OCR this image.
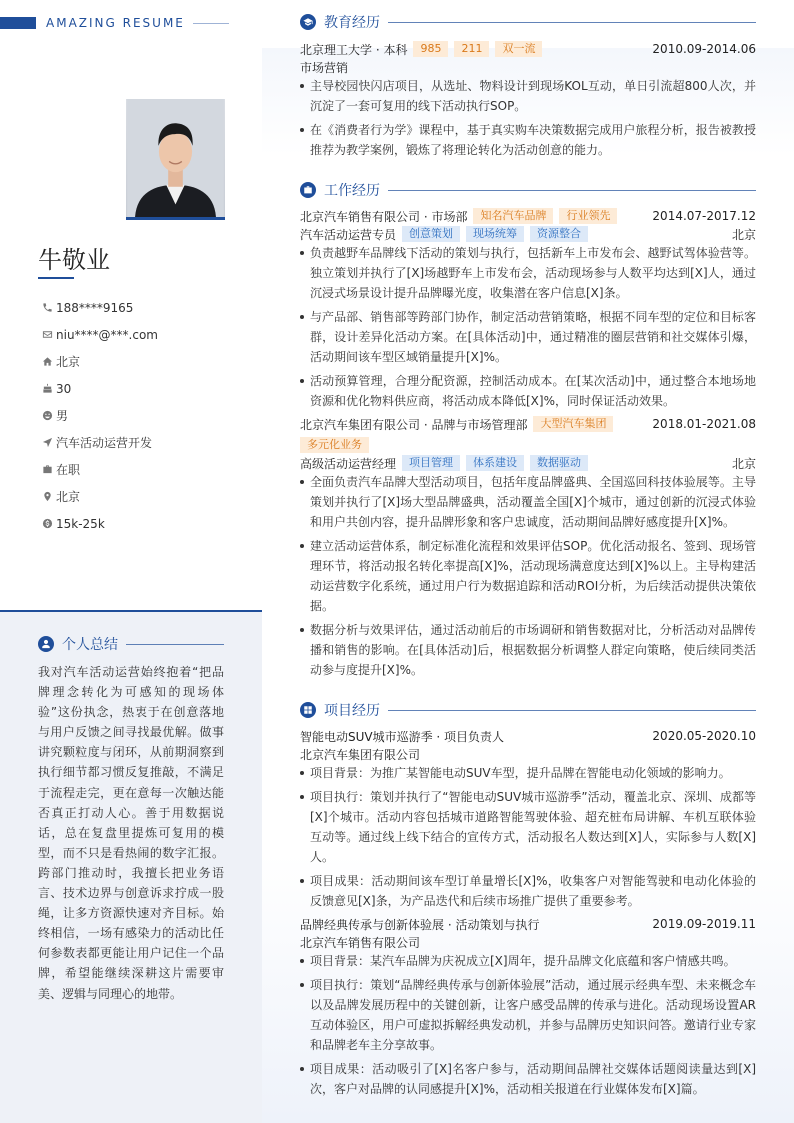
AMAZING RESUME
牛敬业
188****9165
niu****@***.com
北京
30
男
汽车活动运营开发
在职
北京
15k-25k
个人总结
我对汽车活动运营始终抱着“把品牌理念转化为可感知的现场体验”这份执念，热衷于在创意落地与用户反馈之间寻找最优解。做事讲究颗粒度与闭环，从前期洞察到执行细节都习惯反复推敲，不满足于流程走完，更在意每一次触达能否真正打动人心。善于用数据说话，总在复盘里提炼可复用的模型，而不只是看热闹的数字汇报。跨部门推动时，我擅长把业务语言、技术边界与创意诉求拧成一股绳，让多方资源快速对齐目标。始终相信，一场有感染力的活动比任何参数表都更能让用户记住一个品牌，希望能继续深耕这片需要审美、逻辑与同理心的地带。
教育经历
北京理工大学 · 本科	985	211	双一流	2010.09-2014.06
市场营销
主导校园快闪店项目，从选址、物料设计到现场KOL互动，单日引流超800人次，并沉淀了一套可复用的线下活动执行SOP。
在《消费者行为学》课程中，基于真实购车决策数据完成用户旅程分析，报告被教授推荐为教学案例，锻炼了将理论转化为活动创意的能力。
工作经历
北京汽车销售有限公司 · 市场部	知名汽车品牌	行业领先	2014.07-2017.12
汽车活动运营专员	创意策划	现场统筹	资源整合	北京
负责越野车品牌线下活动的策划与执行，包括新车上市发布会、越野试驾体验营等。独立策划并执行了[X]场越野车上市发布会，活动现场参与人数平均达到[X]人，通过沉浸式场景设计提升品牌曝光度，收集潜在客户信息[X]条。
与产品部、销售部等跨部门协作，制定活动营销策略，根据不同车型的定位和目标客群，设计差异化活动方案。在[具体活动]中，通过精准的圈层营销和社交媒体引爆，活动期间该车型区域销量提升[X]%。
活动预算管理，合理分配资源，控制活动成本。在[某次活动]中，通过整合本地场地资源和优化物料供应商，将活动成本降低[X]%，同时保证活动效果。
北京汽车集团有限公司 · 品牌与市场管理部	大型汽车集团	2018.01-2021.08
多元化业务
高级活动运营经理	项目管理	体系建设	数据驱动	北京
全面负责汽车品牌大型活动项目，包括年度品牌盛典、全国巡回科技体验展等。主导策划并执行了[X]场大型品牌盛典，活动覆盖全国[X]个城市，通过创新的沉浸式体验和用户共创内容，提升品牌形象和客户忠诚度，活动期间品牌好感度提升[X]%。
建立活动运营体系，制定标准化流程和效果评估SOP。优化活动报名、签到、现场管理环节，将活动报名转化率提高[X]%，活动现场满意度达到[X]%以上。主导构建活动运营数字化系统，通过用户行为数据追踪和活动ROI分析，为后续活动提供决策依据。
数据分析与效果评估，通过活动前后的市场调研和销售数据对比，分析活动对品牌传播和销售的影响。在[具体活动]后，根据数据分析调整人群定向策略，使后续同类活动参与度提升[X]%。
项目经历
智能电动SUV城市巡游季 · 项目负责人	2020.05-2020.10
北京汽车集团有限公司
项目背景：为推广某智能电动SUV车型，提升品牌在智能电动化领域的影响力。
项目执行：策划并执行了“智能电动SUV城市巡游季”活动，覆盖北京、深圳、成都等[X]个城市。活动内容包括城市道路智能驾驶体验、超充桩布局讲解、车机互联体验互动等。通过线上线下结合的宣传方式，活动报名人数达到[X]人，实际参与人数[X]人。
项目成果：活动期间该车型订单量增长[X]%，收集客户对智能驾驶和电动化体验的反馈意见[X]条，为产品迭代和后续市场推广提供了重要参考。
品牌经典传承与创新体验展 · 活动策划与执行	2019.09-2019.11
北京汽车销售有限公司
项目背景：某汽车品牌为庆祝成立[X]周年，提升品牌文化底蕴和客户情感共鸣。
项目执行：策划“品牌经典传承与创新体验展”活动，通过展示经典车型、未来概念车以及品牌发展历程中的关键创新，让客户感受品牌的传承与进化。活动现场设置AR互动体验区，用户可虚拟拆解经典发动机，并参与品牌历史知识问答。邀请行业专家和品牌老车主分享故事。
项目成果：活动吸引了[X]名客户参与，活动期间品牌社交媒体话题阅读量达到[X]次，客户对品牌的认同感提升[X]%，活动相关报道在行业媒体发布[X]篇。
